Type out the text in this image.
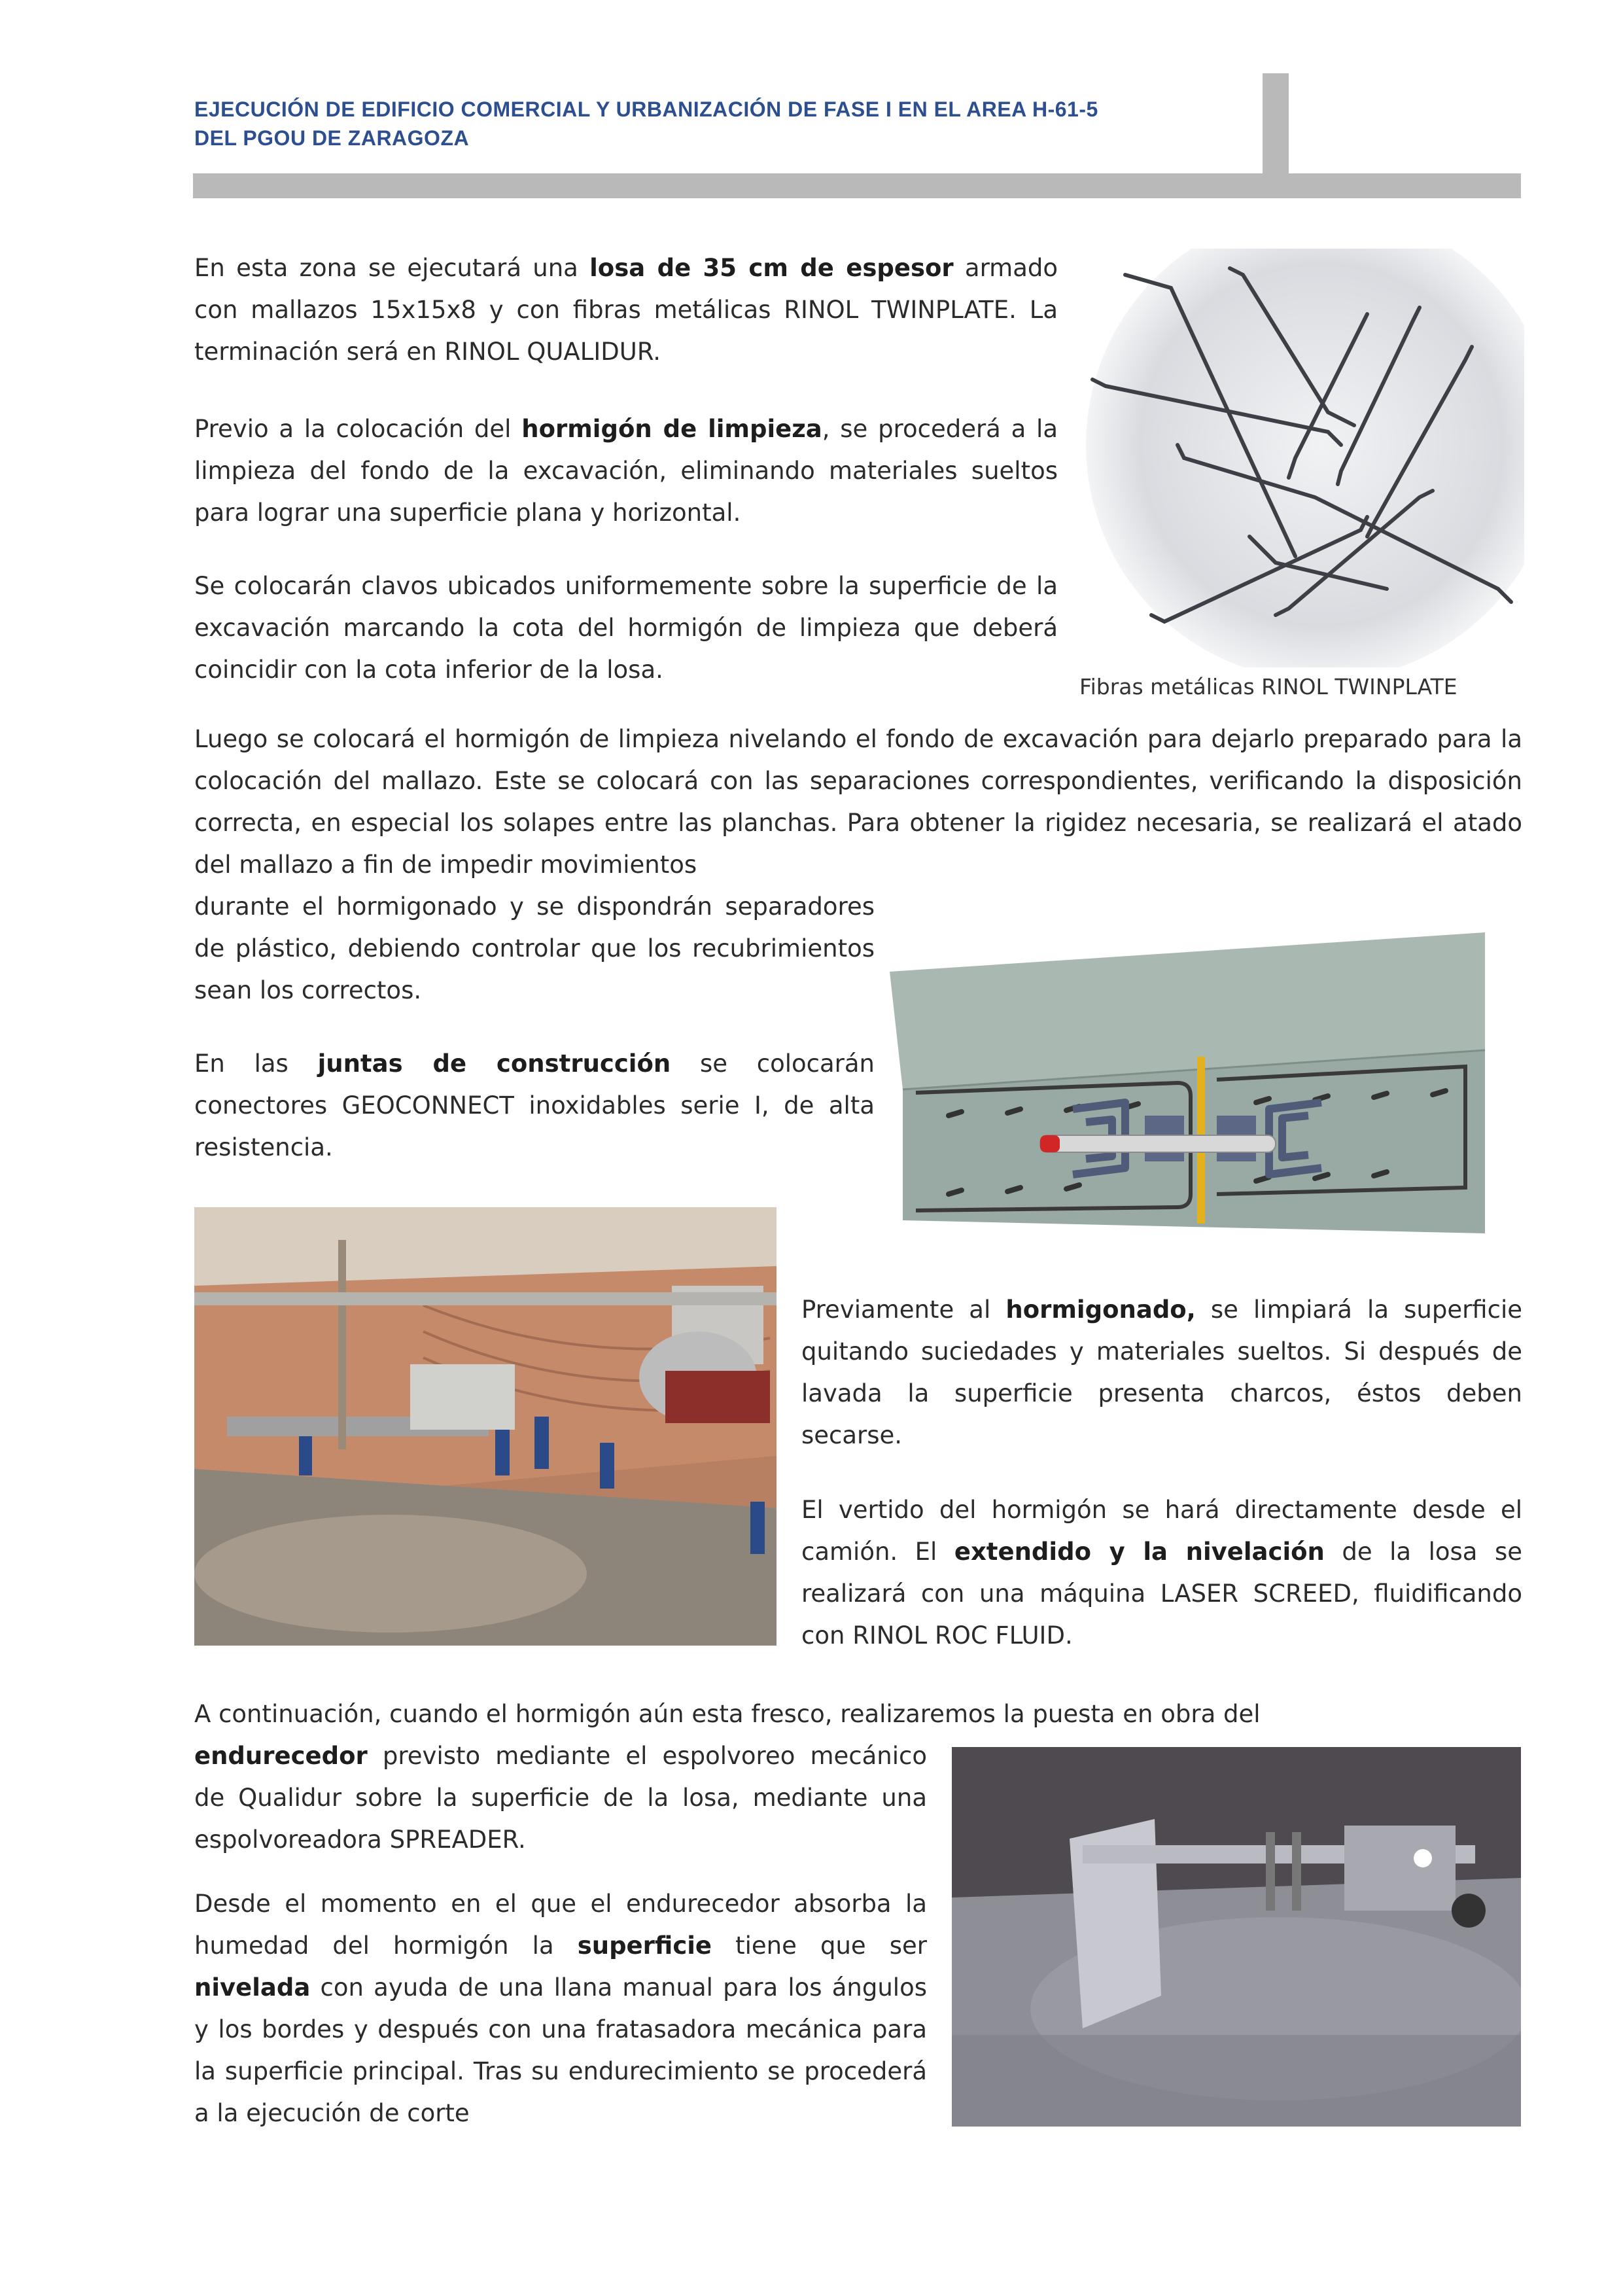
EJECUCIÓN DE EDIFICIO COMERCIAL Y URBANIZACIÓN DE FASE I EN EL AREA H-61-5
DEL PGOU DE ZARAGOZA

En esta zona se ejecutará una losa de 35 cm de espesor armado con mallazos 15x15x8 y con fibras metálicas RINOL TWINPLATE. La terminación será en RINOL QUALIDUR.

Previo a la colocación del hormigón de limpieza, se procederá a la limpieza del fondo de la excavación, eliminando materiales sueltos para lograr una superficie plana y horizontal.

Se colocarán clavos ubicados uniformemente sobre la superficie de la excavación marcando la cota del hormigón de limpieza que deberá coincidir con la cota inferior de la losa.

Fibras metálicas RINOL TWINPLATE

Luego se colocará el hormigón de limpieza nivelando el fondo de excavación para dejarlo preparado para la colocación del mallazo. Este se colocará con las separaciones correspondientes, verificando la disposición correcta, en especial los solapes entre las planchas. Para obtener la rigidez necesaria, se realizará el atado del mallazo a fin de impedir movimientos

durante el hormigonado y se dispondrán separadores de plástico, debiendo controlar que los recubrimientos sean los correctos.

En las juntas de construcción se colocarán conectores GEOCONNECT inoxidables serie I, de alta resistencia.

Previamente al hormigonado, se limpiará la superficie quitando suciedades y materiales sueltos. Si después de lavada la superficie presenta charcos, éstos deben secarse.

El vertido del hormigón se hará directamente desde el camión. El extendido y la nivelación de la losa se realizará con una máquina LASER SCREED, fluidificando con RINOL ROC FLUID.

A continuación, cuando el hormigón aún esta fresco, realizaremos la puesta en obra del

endurecedor previsto mediante el espolvoreo mecánico de Qualidur sobre la superficie de la losa, mediante una espolvoreadora SPREADER.

Desde el momento en el que el endurecedor absorba la humedad del hormigón la superficie tiene que ser nivelada con ayuda de una llana manual para los ángulos y los bordes y después con una fratasadora mecánica para la superficie principal. Tras su endurecimiento se procederá a la ejecución de corte
